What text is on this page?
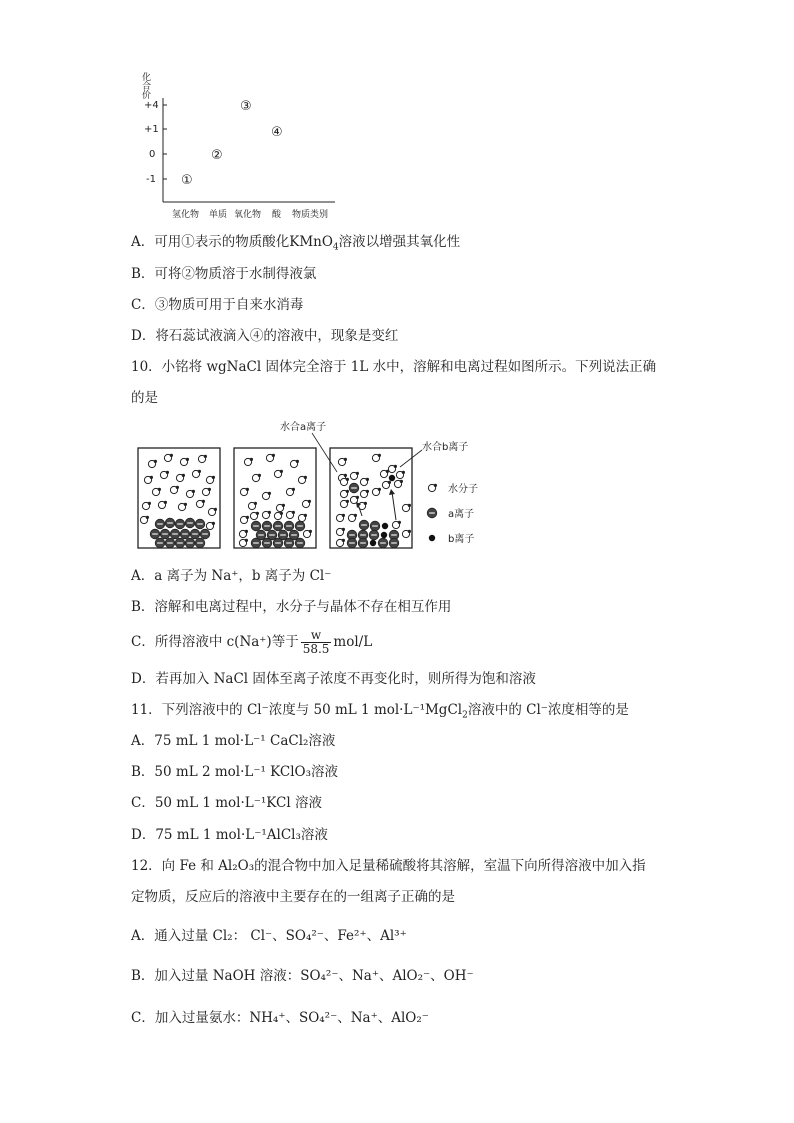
化合价
+4
+1
0
-1
氢化物 单质 氧化物 酸 物质类别
①
②
③
④
A．可用①表示的物质酸化KMnO$_4$溶液以增强其氧化性
B．可将②物质溶于水制得液氯
C．③物质可用于自来水消毒
D．将石蕊试液滴入④的溶液中，现象是变红
10．小铭将 wgNaCl 固体完全溶于 1L 水中，溶解和电离过程如图所示。下列说法正确
的是
水合a离子
水合b离子
水分子
a离子
b离子
A．a 离子为 Na⁺，b 离子为 Cl⁻
B．溶解和电离过程中，水分子与晶体不存在相互作用
C．所得溶液中 c(Na⁺)等于 $\frac{w}{58.5} mol/L$
D．若再加入 NaCl 固体至离子浓度不再变化时，则所得为饱和溶液
11．下列溶液中的 Cl⁻浓度与 50 mL 1 mol·L⁻¹MgCl$_2$溶液中的 Cl⁻浓度相等的是
A．75 mL 1 mol·L⁻¹ CaCl₂溶液
B．50 mL 2 mol·L⁻¹ KClO₃溶液
C．50 mL 1 mol·L⁻¹KCl 溶液
D．75 mL 1 mol·L⁻¹AlCl₃溶液
12．向 Fe 和 Al₂O₃的混合物中加入足量稀硫酸将其溶解，室温下向所得溶液中加入指
定物质，反应后的溶液中主要存在的一组离子正确的是
A．通入过量 Cl₂： Cl⁻、SO₄²⁻、Fe²⁺、Al³⁺
B．加入过量 NaOH 溶液：SO₄²⁻、Na⁺、AlO₂⁻、OH⁻
C．加入过量氨水：NH₄⁺、SO₄²⁻、Na⁺、AlO₂⁻
